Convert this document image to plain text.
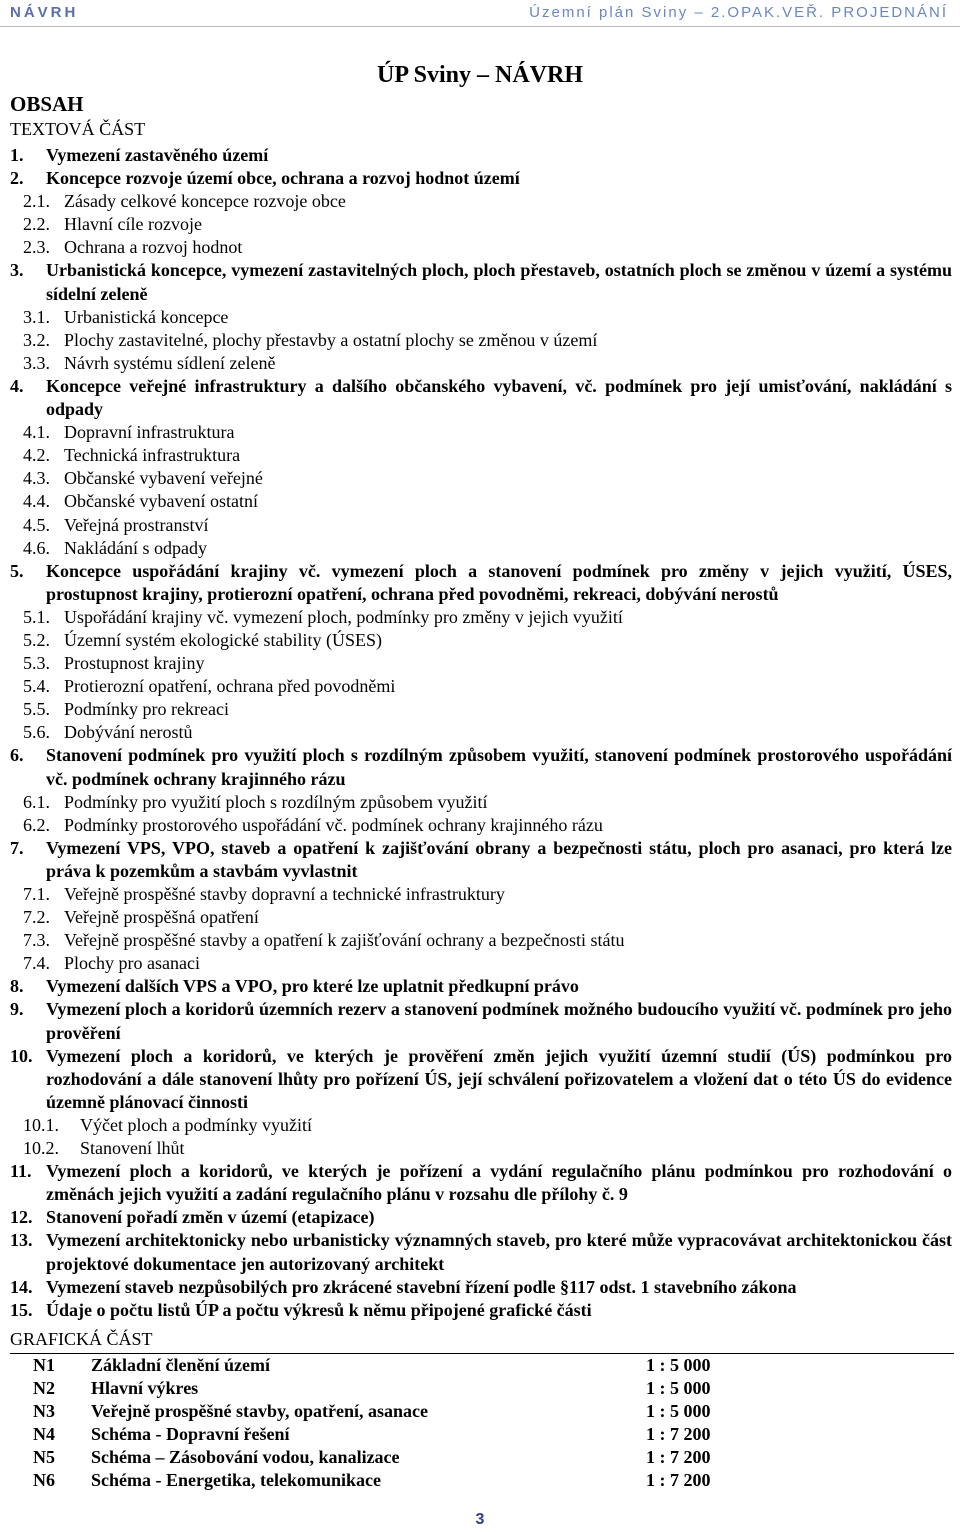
NÁVRH	Územní plán Sviny – 2.OPAK.VEŘ. PROJEDNÁNÍ
ÚP Sviny – NÁVRH
OBSAH
TEXTOVÁ ČÁST
1.	Vymezení zastavěného území
2.	Koncepce rozvoje území obce, ochrana a rozvoj hodnot území
2.1. Zásady celkové koncepce rozvoje obce
2.2. Hlavní cíle rozvoje
2.3. Ochrana a rozvoj hodnot
3.	Urbanistická koncepce, vymezení zastavitelných ploch, ploch přestaveb, ostatních ploch se změnou v území a systému sídelní zeleně
3.1. Urbanistická koncepce
3.2. Plochy zastavitelné, plochy přestavby a ostatní plochy se změnou v území
3.3. Návrh systému sídlení zeleně
4.	Koncepce veřejné infrastruktury a dalšího občanského vybavení, vč. podmínek pro její umisťování, nakládání s odpady
4.1. Dopravní infrastruktura
4.2. Technická infrastruktura
4.3. Občanské vybavení veřejné
4.4. Občanské vybavení ostatní
4.5. Veřejná prostranství
4.6. Nakládání s odpady
5.	Koncepce uspořádání krajiny vč. vymezení ploch a stanovení podmínek pro změny v jejich využití, ÚSES, prostupnost krajiny, protierozní opatření, ochrana před povodněmi, rekreaci, dobývání nerostů
5.1. Uspořádání krajiny vč. vymezení ploch, podmínky pro změny v jejich využití
5.2. Územní systém ekologické stability (ÚSES)
5.3. Prostupnost krajiny
5.4. Protierozní opatření, ochrana před povodněmi
5.5. Podmínky pro rekreaci
5.6. Dobývání nerostů
6.	Stanovení podmínek pro využití ploch s rozdílným způsobem využití, stanovení podmínek prostorového uspořádání vč. podmínek ochrany krajinného rázu
6.1. Podmínky pro využití ploch s rozdílným způsobem využití
6.2. Podmínky prostorového uspořádání vč. podmínek ochrany krajinného rázu
7.	Vymezení VPS, VPO, staveb a opatření k zajišťování obrany a bezpečnosti státu, ploch pro asanaci, pro která lze práva k pozemkům a stavbám vyvlastnit
7.1. Veřejně prospěšné stavby dopravní a technické infrastruktury
7.2. Veřejně prospěšná opatření
7.3. Veřejně prospěšné stavby a opatření k zajišťování ochrany a bezpečnosti státu
7.4. Plochy pro asanaci
8.	Vymezení dalších VPS a VPO, pro které lze uplatnit předkupní právo
9.	Vymezení ploch a koridorů územních rezerv a stanovení podmínek možného budoucího využití vč. podmínek pro jeho prověření
10. Vymezení ploch a koridorů, ve kterých je prověření změn jejich využití územní studií (ÚS) podmínkou pro rozhodování a dále stanovení lhůty pro pořízení ÚS, její schválení pořizovatelem a vložení dat o této ÚS do evidence územně plánovací činnosti
10.1.	Výčet ploch a podmínky využití
10.2.	Stanovení lhůt
11. Vymezení ploch a koridorů, ve kterých je pořízení a vydání regulačního plánu podmínkou pro rozhodování o změnách jejich využití a zadání regulačního plánu v rozsahu dle přílohy č. 9
12. Stanovení pořadí změn v území (etapizace)
13. Vymezení architektonicky nebo urbanisticky významných staveb, pro které může vypracovávat architektonickou část projektové dokumentace jen autorizovaný architekt
14. Vymezení staveb nezpůsobilých pro zkrácené stavební řízení podle §117 odst. 1 stavebního zákona
15. Údaje o počtu listů ÚP a počtu výkresů k němu připojené grafické části
GRAFICKÁ ČÁST
N1	Základní členění území	1 : 5 000
N2	Hlavní výkres	1 : 5 000
N3	Veřejně prospěšné stavby, opatření, asanace	1 : 5 000
N4	Schéma - Dopravní řešení	1 : 7 200
N5	Schéma – Zásobování vodou, kanalizace	1 : 7 200
N6	Schéma - Energetika, telekomunikace	1 : 7 200
3
